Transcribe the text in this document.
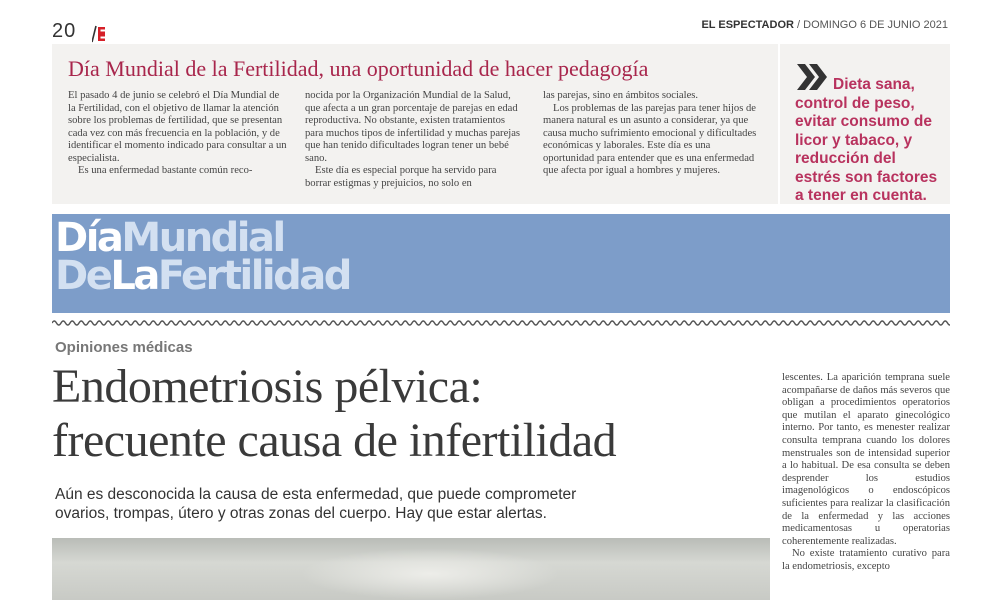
20	EL ESPECTADOR / DOMINGO 6 DE JUNIO 2021
Día Mundial de la Fertilidad, una oportunidad de hacer pedagogía

El pasado 4 de junio se celebró el Día Mundial de la Fertilidad, con el objetivo de llamar la atención sobre los problemas de fertilidad, que se presentan cada vez con más frecuencia en la población, y de identificar el momento indicado para consultar a un especialista.

Es una enfermedad bastante común reco-

nocida por la Organización Mundial de la Salud, que afecta a un gran porcentaje de parejas en edad reproductiva. No obstante, existen tratamientos para muchos tipos de infertilidad y muchas parejas que han tenido dificultades logran tener un bebé sano.

Este día es especial porque ha servido para borrar estigmas y prejuicios, no solo en

las parejas, sino en ámbitos sociales.

Los problemas de las parejas para tener hijos de manera natural es un asunto a considerar, ya que causa mucho sufrimiento emocional y dificultades económicas y laborales. Este día es una oportunidad para entender que es una enfermedad que afecta por igual a hombres y mujeres.

Dieta sana, control de peso, evitar consumo de licor y tabaco, y reducción del estrés son factores a tener en cuenta.
DíaMundial
DeLaFertilidad
Opiniones médicas
Endometriosis pélvica:
frecuente causa de infertilidad
Aún es desconocida la causa de esta enfermedad, que puede comprometer ovarios, trompas, útero y otras zonas del cuerpo. Hay que estar alertas.

lescentes. La aparición temprana suele acompañarse de daños más severos que obligan a procedimientos operatorios que mutilan el aparato ginecológico interno. Por tanto, es menester realizar consulta temprana cuando los dolores menstruales son de intensidad superior a lo habitual. De esa consulta se deben desprender los estudios imagenológicos o endoscópicos suficientes para realizar la clasificación de la enfermedad y las acciones medicamentosas u operatorias coherentemente realizadas.

No existe tratamiento curativo para la endometriosis, excepto
